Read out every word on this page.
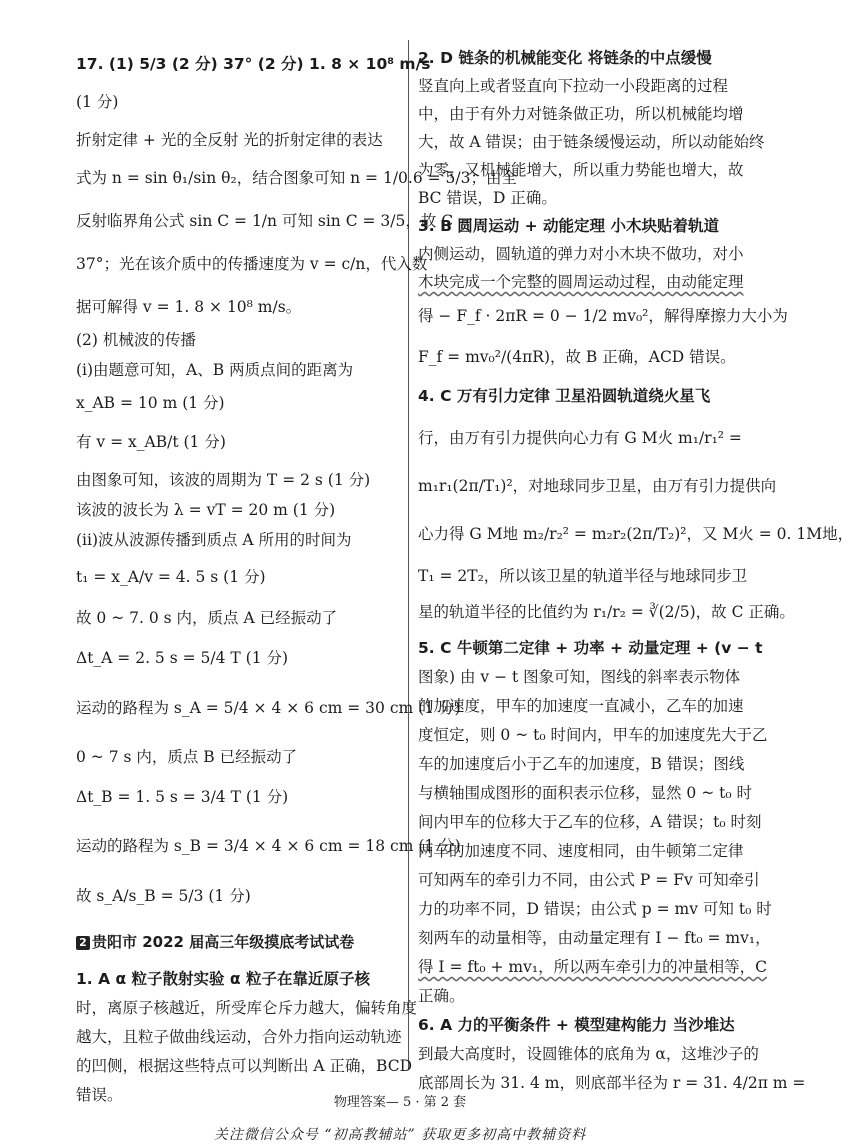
17. (1) 5/3 (2 分) 37° (2 分) 1. 8 × 10⁸ m/s
(1 分)
折射定律 + 光的全反射 光的折射定律的表达
式为 n = sin θ₁/sin θ₂，结合图象可知 n = 1/0.6 = 5/3；由全
反射临界角公式 sin C = 1/n 可知 sin C = 3/5，故 C =
37°；光在该介质中的传播速度为 v = c/n，代入数
据可解得 v = 1. 8 × 10⁸ m/s。
(2) 机械波的传播
(i)由题意可知，A、B 两质点间的距离为
x_AB = 10 m (1 分)
有 v = x_AB/t (1 分)
由图象可知，该波的周期为 T = 2 s (1 分)
该波的波长为 λ = vT = 20 m (1 分)
(ii)波从波源传播到质点 A 所用的时间为
t₁ = x_A/v = 4. 5 s (1 分)
故 0 ~ 7. 0 s 内，质点 A 已经振动了
Δt_A = 2. 5 s = 5/4 T (1 分)
运动的路程为 s_A = 5/4 × 4 × 6 cm = 30 cm (1 分)
0 ~ 7 s 内，质点 B 已经振动了
Δt_B = 1. 5 s = 3/4 T (1 分)
运动的路程为 s_B = 3/4 × 4 × 6 cm = 18 cm (1 分)
故 s_A/s_B = 5/3 (1 分)
2 贵阳市 2022 届高三年级摸底考试试卷
1. A α 粒子散射实验 α 粒子在靠近原子核
时，离原子核越近，所受库仑斥力越大，偏转角度
越大，且粒子做曲线运动，合外力指向运动轨迹
的凹侧，根据这些特点可以判断出 A 正确，BCD
错误。
2. D 链条的机械能变化 将链条的中点缓慢
竖直向上或者竖直向下拉动一小段距离的过程
中，由于有外力对链条做正功，所以机械能均增
大，故 A 错误；由于链条缓慢运动，所以动能始终
为零，又机械能增大，所以重力势能也增大，故
BC 错误，D 正确。
3. B 圆周运动 + 动能定理 小木块贴着轨道
内侧运动，圆轨道的弹力对小木块不做功，对小
木块完成一个完整的圆周运动过程，由动能定理
得 − F_f · 2πR = 0 − 1/2 mv₀²，解得摩擦力大小为
F_f = mv₀²/(4πR)，故 B 正确，ACD 错误。
4. C 万有引力定律 卫星沿圆轨道绕火星飞
行，由万有引力提供向心力有 G M火 m₁/r₁² =
m₁r₁(2π/T₁)²，对地球同步卫星，由万有引力提供向
心力得 G M地 m₂/r₂² = m₂r₂(2π/T₂)²，又 M火 = 0. 1M地，
T₁ = 2T₂，所以该卫星的轨道半径与地球同步卫
星的轨道半径的比值约为 r₁/r₂ = ∛(2/5)，故 C 正确。
5. C 牛顿第二定律 + 功率 + 动量定理 + (v − t
图象) 由 v − t 图象可知，图线的斜率表示物体
的加速度，甲车的加速度一直减小，乙车的加速
度恒定，则 0 ~ t₀ 时间内，甲车的加速度先大于乙
车的加速度后小于乙车的加速度，B 错误；图线
与横轴围成图形的面积表示位移，显然 0 ~ t₀ 时
间内甲车的位移大于乙车的位移，A 错误；t₀ 时刻
两车的加速度不同、速度相同，由牛顿第二定律
可知两车的牵引力不同，由公式 P = Fv 可知牵引
力的功率不同，D 错误；由公式 p = mv 可知 t₀ 时
刻两车的动量相等，由动量定理有 I − ft₀ = mv₁，
得 I = ft₀ + mv₁，所以两车牵引力的冲量相等，C
正确。
6. A 力的平衡条件 + 模型建构能力 当沙堆达
到最大高度时，设圆锥体的底角为 α，这堆沙子的
底部周长为 31. 4 m，则底部半径为 r = 31. 4/2π m =
物理答案— 5 · 第 2 套
关注微信公众号 “初高教辅站” 获取更多初高中教辅资料
